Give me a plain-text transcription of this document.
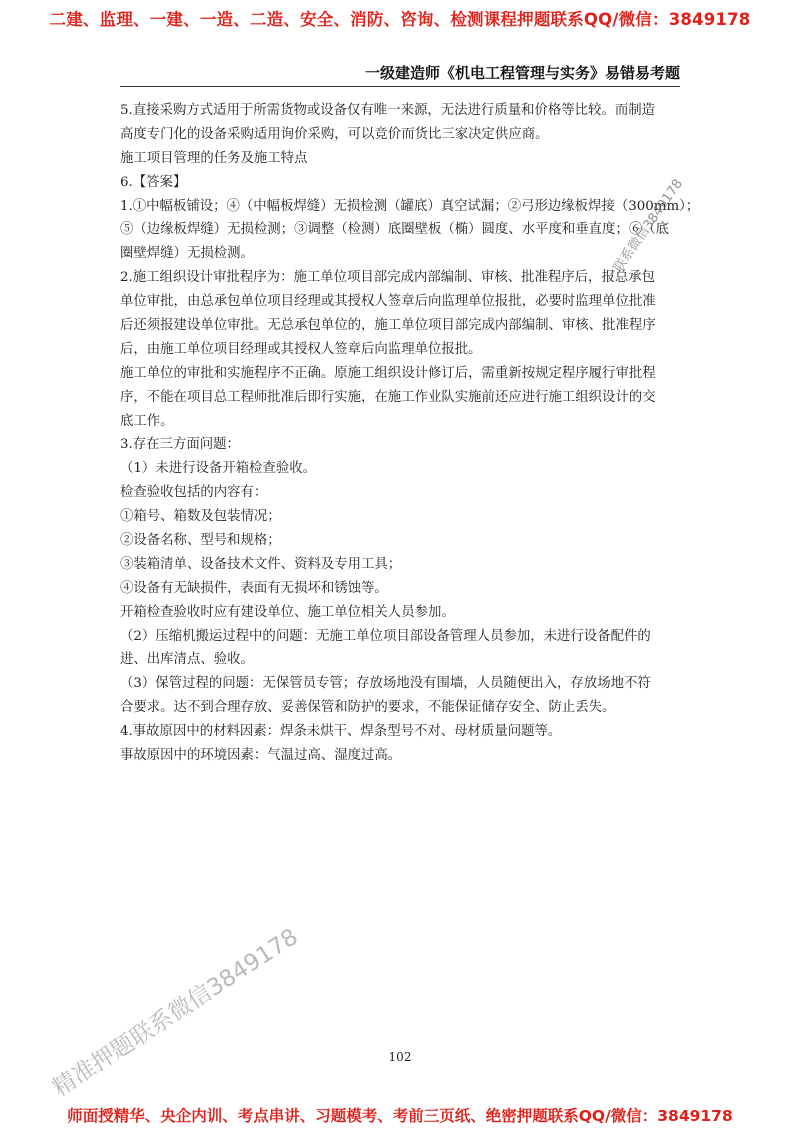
二建、监理、一建、一造、二造、安全、消防、咨询、检测课程押题联系QQ/微信：3849178
一级建造师《机电工程管理与实务》易错易考题
5.直接采购方式适用于所需货物或设备仅有唯一来源，无法进行质量和价格等比较。而制造
高度专门化的设备采购适用询价采购，可以竞价而货比三家决定供应商。
施工项目管理的任务及施工特点
6.【答案】
1.①中幅板铺设；④（中幅板焊缝）无损检测（罐底）真空试漏；②弓形边缘板焊接（300mm）；
⑤（边缘板焊缝）无损检测；③调整（检测）底圈壁板（椭）圆度、水平度和垂直度；⑥（底
圈壁焊缝）无损检测。
2.施工组织设计审批程序为：施工单位项目部完成内部编制、审核、批准程序后，报总承包
单位审批，由总承包单位项目经理或其授权人签章后向监理单位报批，必要时监理单位批准
后还须报建设单位审批。无总承包单位的，施工单位项目部完成内部编制、审核、批准程序
后，由施工单位项目经理或其授权人签章后向监理单位报批。
施工单位的审批和实施程序不正确。原施工组织设计修订后，需重新按规定程序履行审批程
序，不能在项目总工程师批准后即行实施，在施工作业队实施前还应进行施工组织设计的交
底工作。
3.存在三方面问题：
（1）未进行设备开箱检查验收。
检查验收包括的内容有：
①箱号、箱数及包装情况；
②设备名称、型号和规格；
③装箱清单、设备技术文件、资料及专用工具；
④设备有无缺损件，表面有无损坏和锈蚀等。
开箱检查验收时应有建设单位、施工单位相关人员参加。
（2）压缩机搬运过程中的问题：无施工单位项目部设备管理人员参加，未进行设备配件的
进、出库清点、验收。
（3）保管过程的问题：无保管员专管；存放场地没有围墙，人员随便出入，存放场地不符
合要求。达不到合理存放、妥善保管和防护的要求，不能保证储存安全、防止丢失。
4.事故原因中的材料因素：焊条未烘干、焊条型号不对、母材质量问题等。
事故原因中的环境因素：气温过高、湿度过高。
一联系微信3849178
精准押题联系微信3849178	102
师面授精华、央企内训、考点串讲、习题模考、考前三页纸、绝密押题联系QQ/微信：3849178
